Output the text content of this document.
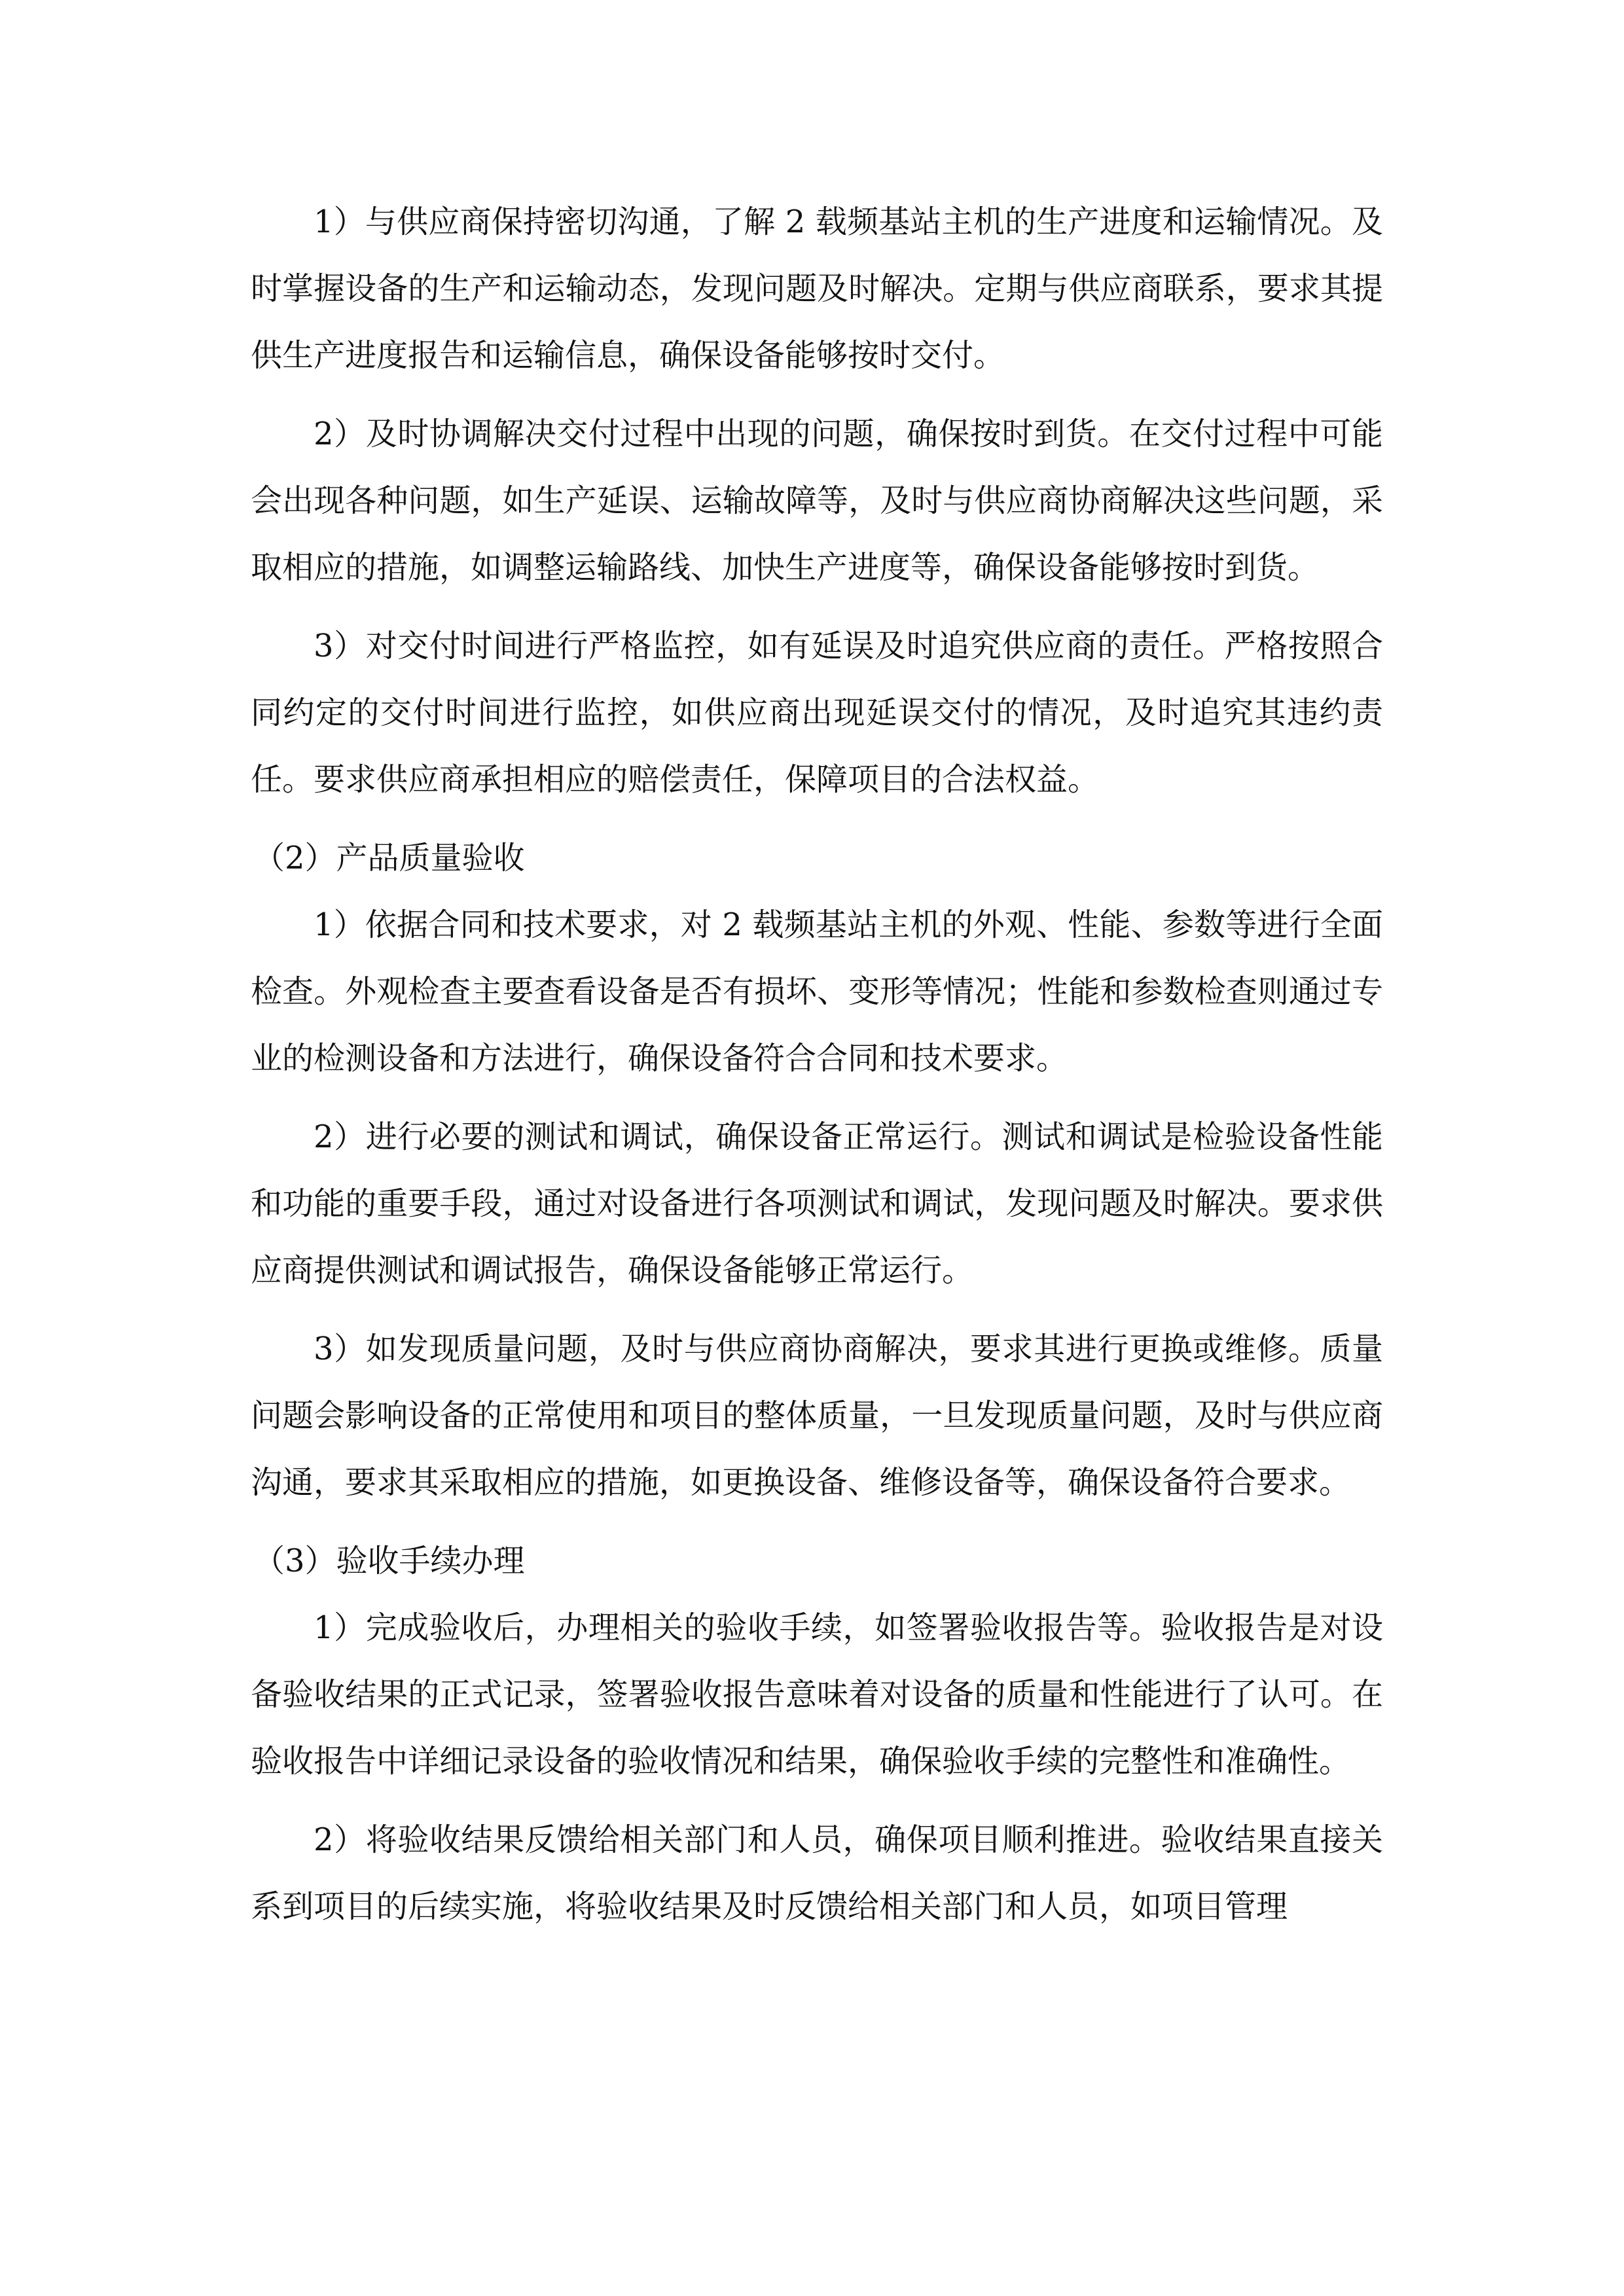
1）与供应商保持密切沟通，了解 2 载频基站主机的生产进度和运输情况。及时掌握设备的生产和运输动态，发现问题及时解决。定期与供应商联系，要求其提供生产进度报告和运输信息，确保设备能够按时交付。

2）及时协调解决交付过程中出现的问题，确保按时到货。在交付过程中可能会出现各种问题，如生产延误、运输故障等，及时与供应商协商解决这些问题，采取相应的措施，如调整运输路线、加快生产进度等，确保设备能够按时到货。

3）对交付时间进行严格监控，如有延误及时追究供应商的责任。严格按照合同约定的交付时间进行监控，如供应商出现延误交付的情况，及时追究其违约责任。要求供应商承担相应的赔偿责任，保障项目的合法权益。

（2）产品质量验收

1）依据合同和技术要求，对 2 载频基站主机的外观、性能、参数等进行全面检查。外观检查主要查看设备是否有损坏、变形等情况；性能和参数检查则通过专业的检测设备和方法进行，确保设备符合合同和技术要求。

2）进行必要的测试和调试，确保设备正常运行。测试和调试是检验设备性能和功能的重要手段，通过对设备进行各项测试和调试，发现问题及时解决。要求供应商提供测试和调试报告，确保设备能够正常运行。

3）如发现质量问题，及时与供应商协商解决，要求其进行更换或维修。质量问题会影响设备的正常使用和项目的整体质量，一旦发现质量问题，及时与供应商沟通，要求其采取相应的措施，如更换设备、维修设备等，确保设备符合要求。

（3）验收手续办理

1）完成验收后，办理相关的验收手续，如签署验收报告等。验收报告是对设备验收结果的正式记录，签署验收报告意味着对设备的质量和性能进行了认可。在验收报告中详细记录设备的验收情况和结果，确保验收手续的完整性和准确性。

2）将验收结果反馈给相关部门和人员，确保项目顺利推进。验收结果直接关系到项目的后续实施，将验收结果及时反馈给相关部门和人员，如项目管理
